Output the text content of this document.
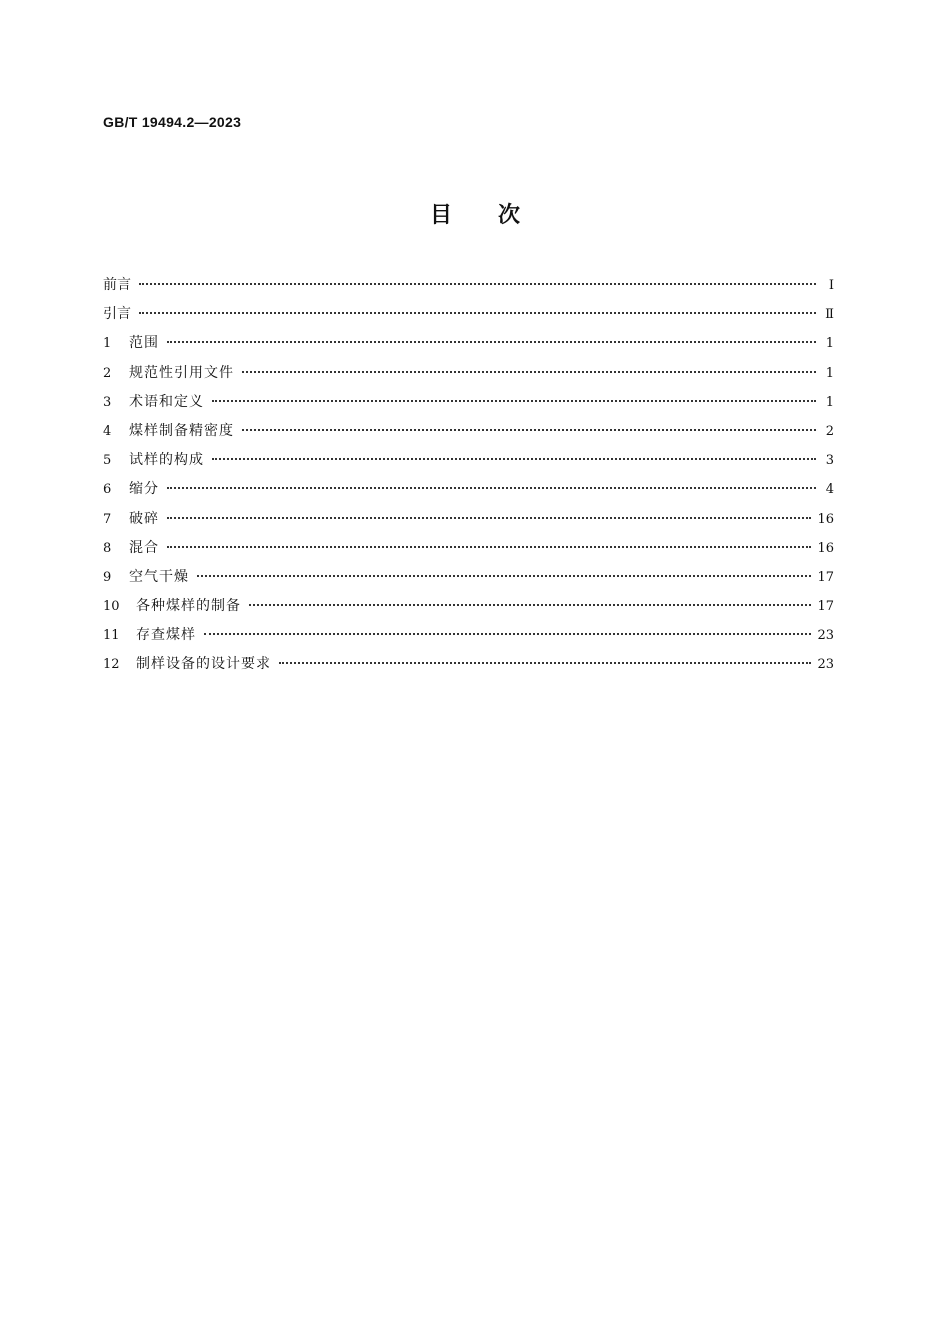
GB/T 19494.2—2023
目次
前言	Ⅰ
引言	Ⅱ
1	范围	1
2	规范性引用文件	1
3	术语和定义	1
4	煤样制备精密度	2
5	试样的构成	3
6	缩分	4
7	破碎	16
8	混合	16
9	空气干燥	17
10	各种煤样的制备	17
11	存查煤样	23
12	制样设备的设计要求	23
